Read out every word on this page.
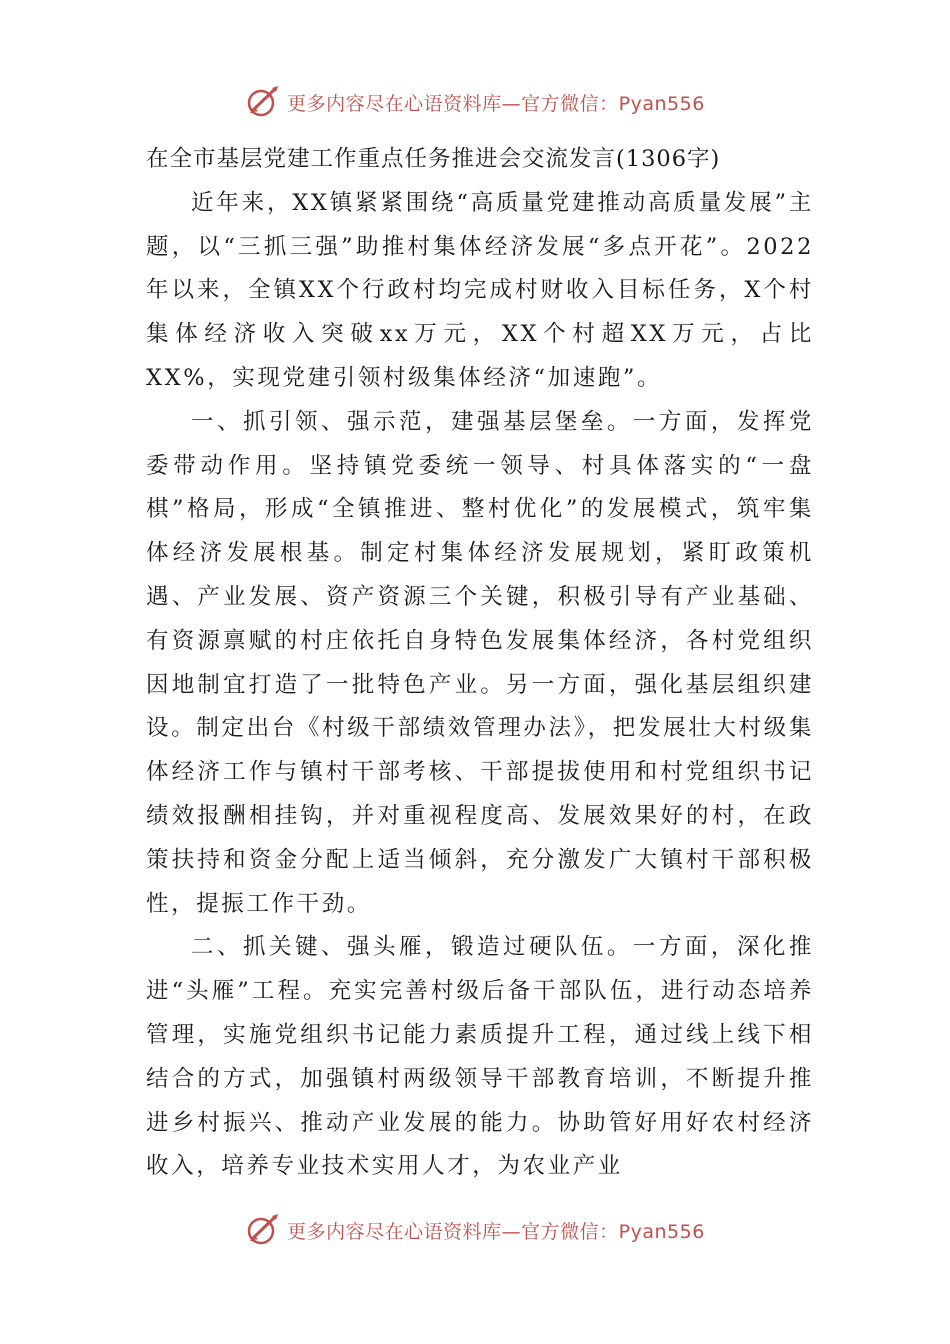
更多内容尽在心语资料库—官方微信：Pyan556
在全市基层党建工作重点任务推进会交流发言(1306字)

近年来，XX镇紧紧围绕“高质量党建推动高质量发展”主题，以“三抓三强”助推村集体经济发展“多点开花”。2022年以来，全镇XX个行政村均完成村财收入目标任务，X个村集体经济收入突破xx万元，XX个村超XX万元，占比XX%，实现党建引领村级集体经济“加速跑”。

一、抓引领、强示范，建强基层堡垒。一方面，发挥党委带动作用。坚持镇党委统一领导、村具体落实的“一盘棋”格局，形成“全镇推进、整村优化”的发展模式，筑牢集体经济发展根基。制定村集体经济发展规划，紧盯政策机遇、产业发展、资产资源三个关键，积极引导有产业基础、有资源禀赋的村庄依托自身特色发展集体经济，各村党组织因地制宜打造了一批特色产业。另一方面，强化基层组织建设。制定出台《村级干部绩效管理办法》，把发展壮大村级集体经济工作与镇村干部考核、干部提拔使用和村党组织书记绩效报酬相挂钩，并对重视程度高、发展效果好的村，在政策扶持和资金分配上适当倾斜，充分激发广大镇村干部积极性，提振工作干劲。

二、抓关键、强头雁，锻造过硬队伍。一方面，深化推进“头雁”工程。充实完善村级后备干部队伍，进行动态培养管理，实施党组织书记能力素质提升工程，通过线上线下相结合的方式，加强镇村两级领导干部教育培训，不断提升推进乡村振兴、推动产业发展的能力。协助管好用好农村经济收入，培养专业技术实用人才，为农业产业

更多内容尽在心语资料库—官方微信：Pyan556
